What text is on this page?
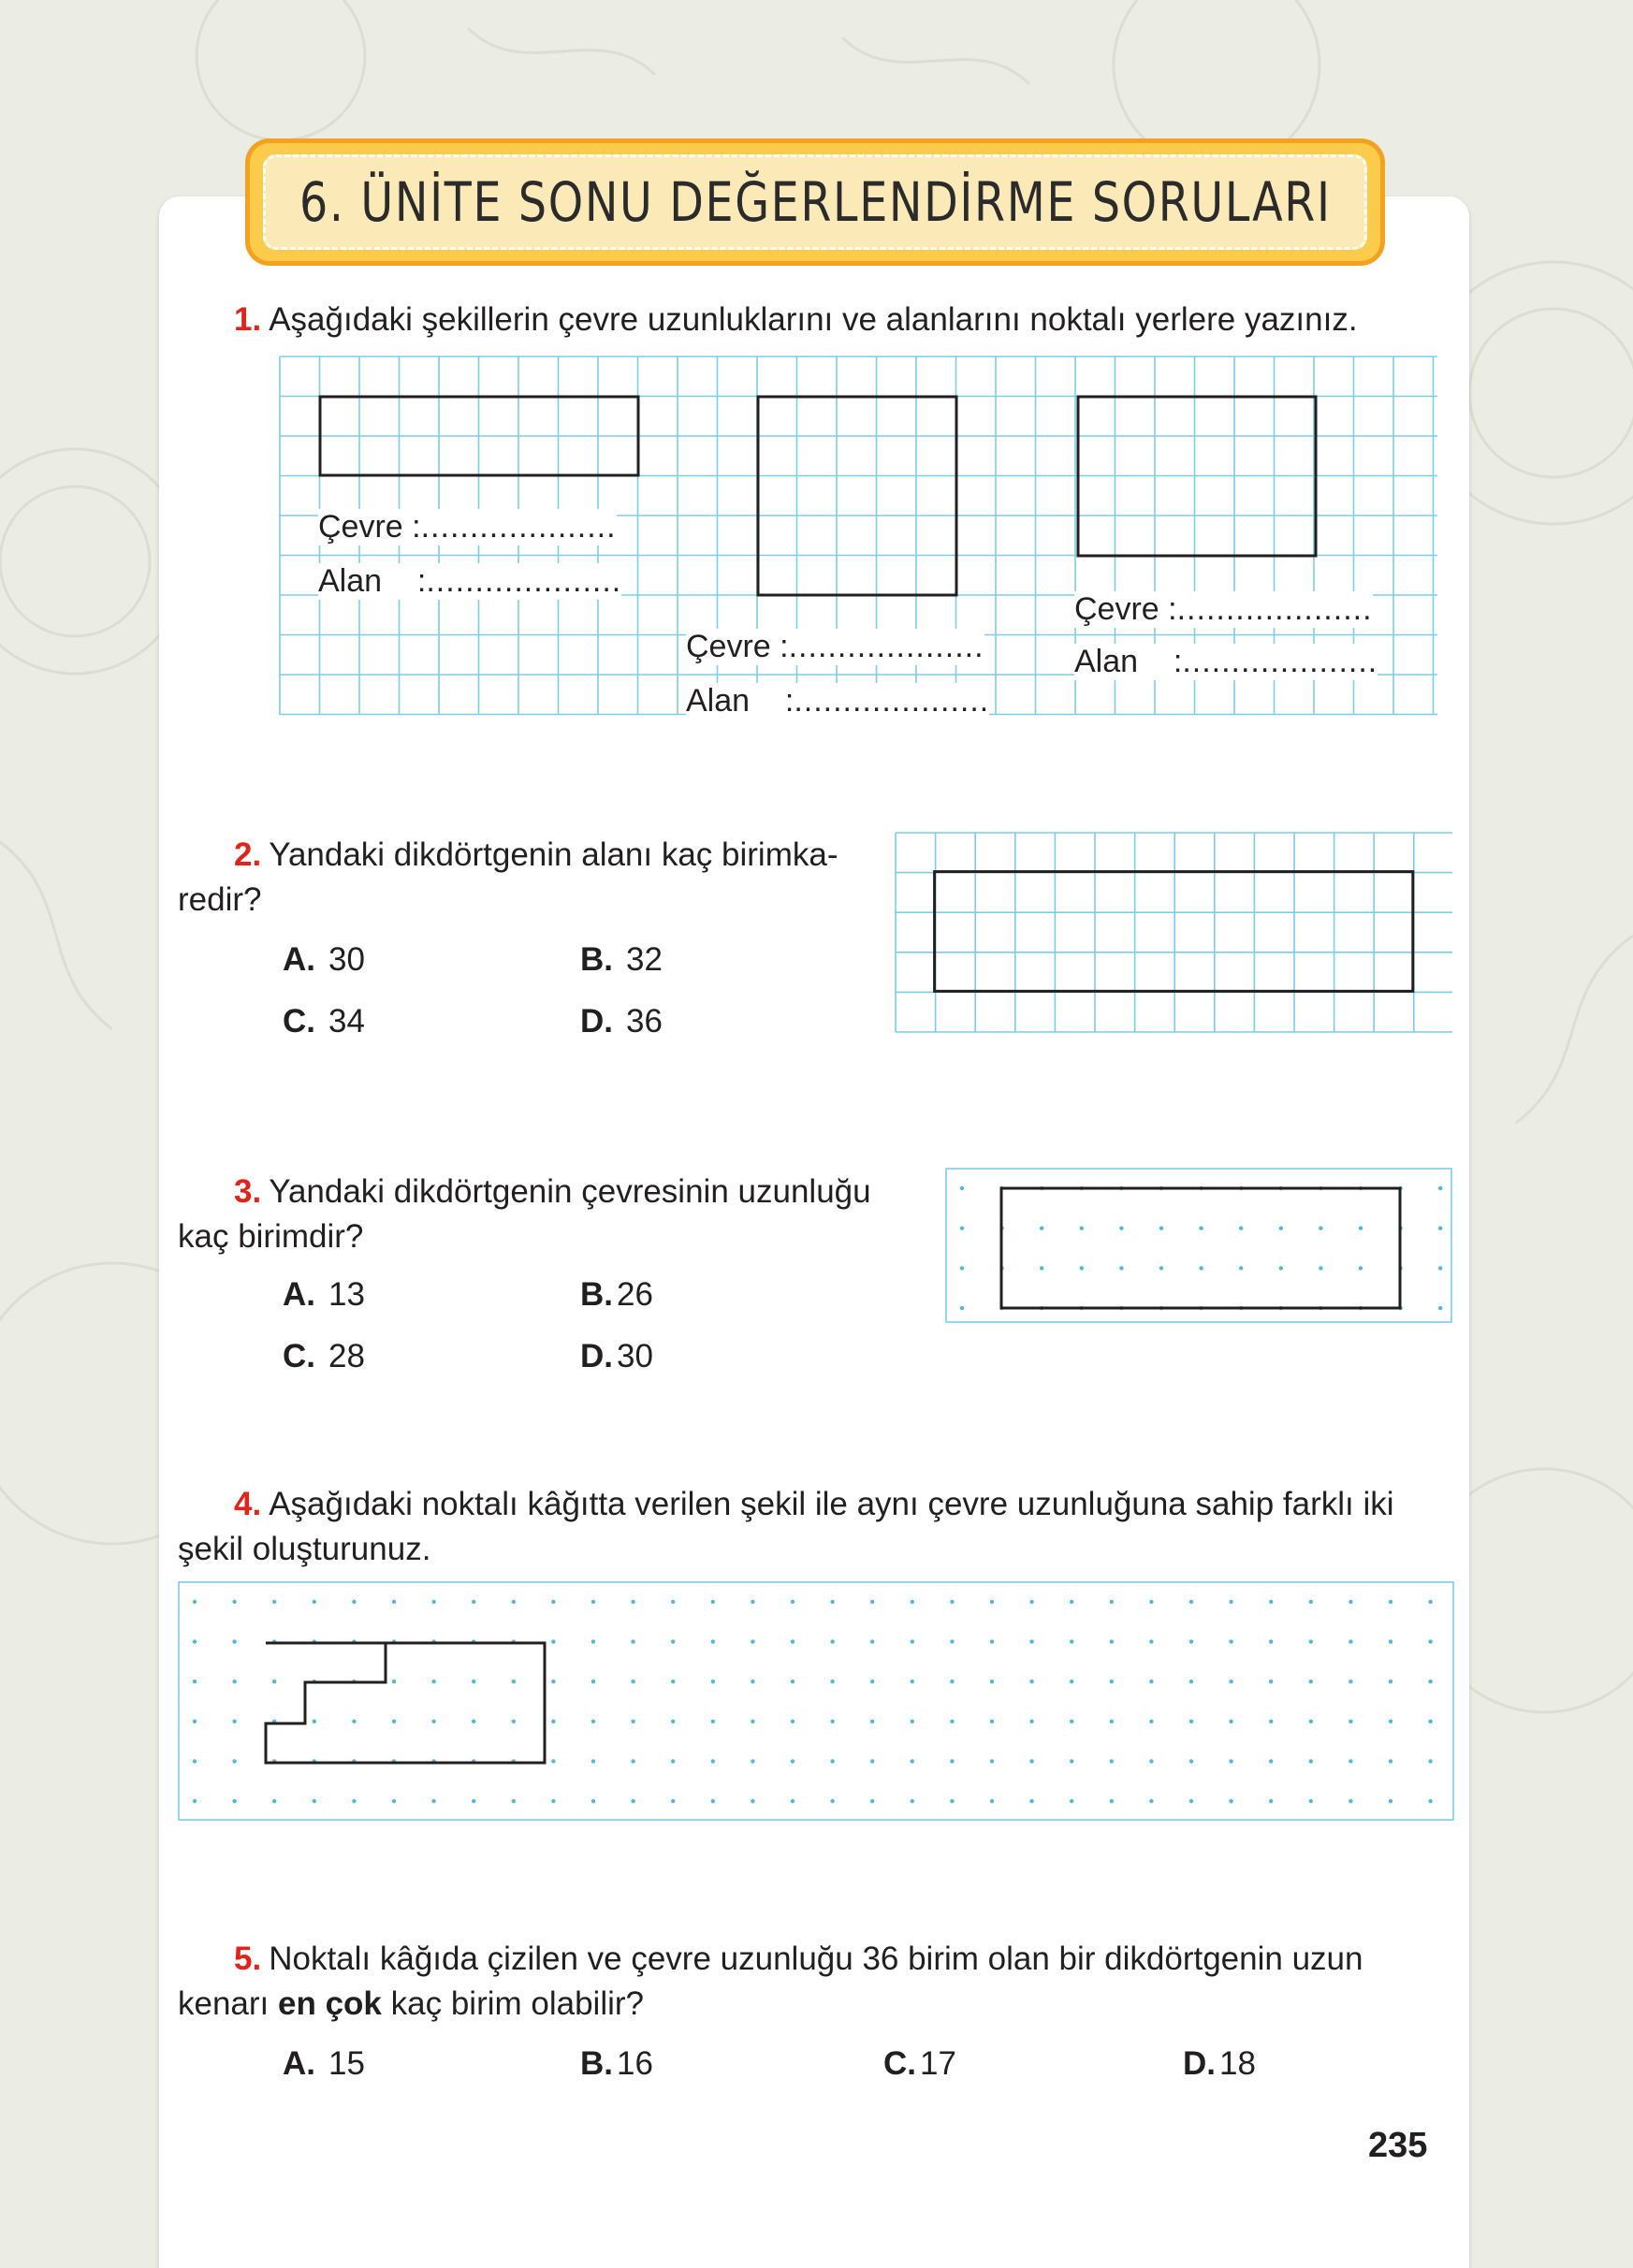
6. ÜNİTE SONU DEĞERLENDİRME SORULARI
1. Aşağıdaki şekillerin çevre uzunluklarını ve alanlarını noktalı yerlere yazınız.
Çevre :....................
Alan :....................
Çevre :....................
Alan :....................
Çevre :....................
Alan :....................
2. Yandaki dikdörtgenin alanı kaç birimka-
redir?
A. 30	B. 32
C. 34	D. 36
3. Yandaki dikdörtgenin çevresinin uzunluğu
kaç birimdir?
A. 13	B. 26
C. 28	D. 30
4. Aşağıdaki noktalı kâğıtta verilen şekil ile aynı çevre uzunluğuna sahip farklı iki
şekil oluşturunuz.
5. Noktalı kâğıda çizilen ve çevre uzunluğu 36 birim olan bir dikdörtgenin uzun
kenarı en çok kaç birim olabilir?
A. 15	B. 16	C. 17	D. 18
235
